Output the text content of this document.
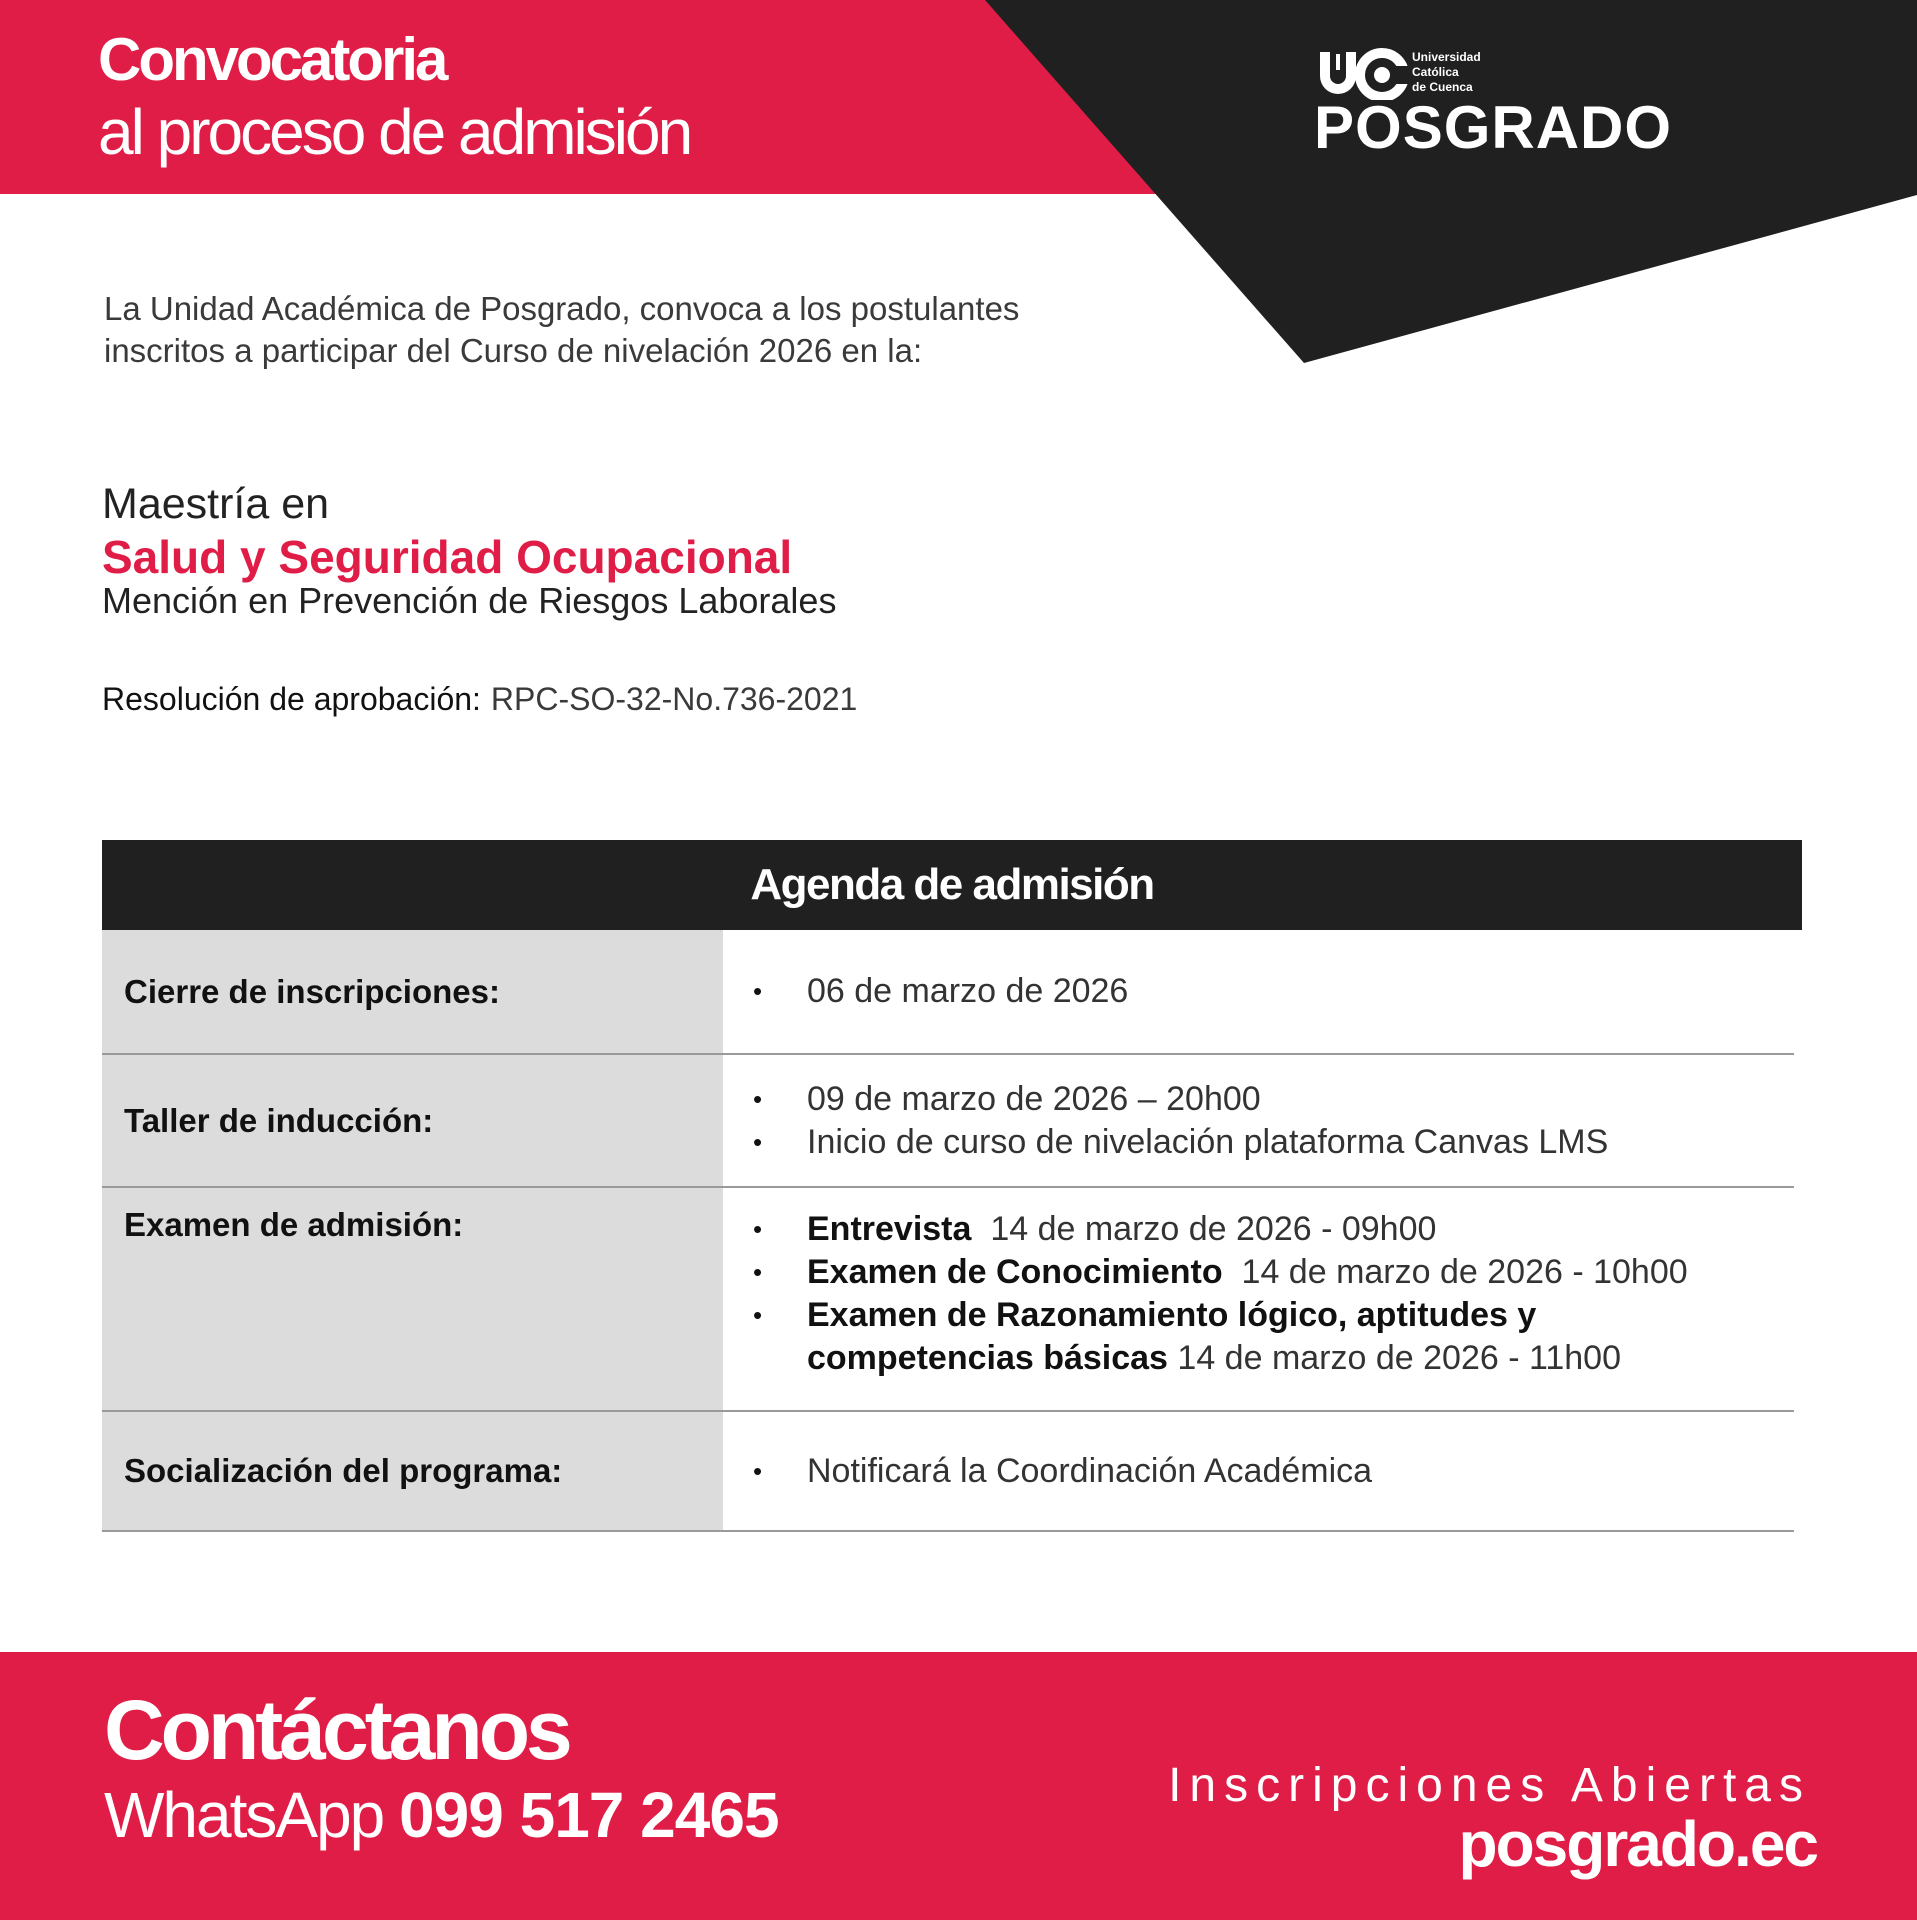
Convocatoria
al proceso de admisión
Universidad
Católica
de Cuenca
POSGRADO
La Unidad Académica de Posgrado, convoca a los postulantes
inscritos a participar del Curso de nivelación 2026 en la:
Maestría en
Salud y Seguridad Ocupacional
Mención en Prevención de Riesgos Laborales
Resolución de aprobación: RPC-SO-32-No.736-2021
Agenda de admisión
Cierre de inscripciones:	•	06 de marzo de 2026
Taller de inducción:
•	09 de marzo de 2026 – 20h00
•	Inicio de curso de nivelación plataforma Canvas LMS
Examen de admisión:	•	Entrevista 14 de marzo de 2026 - 09h00
•	Examen de Conocimiento 14 de marzo de 2026 - 10h00
•	Examen de Razonamiento lógico, aptitudes y competencias básicas 14 de marzo de 2026 - 11h00
Socialización del programa:	•	Notificará la Coordinación Académica
Contáctanos
WhatsApp 099 517 2465	Inscripciones Abiertas
posgrado.ec
